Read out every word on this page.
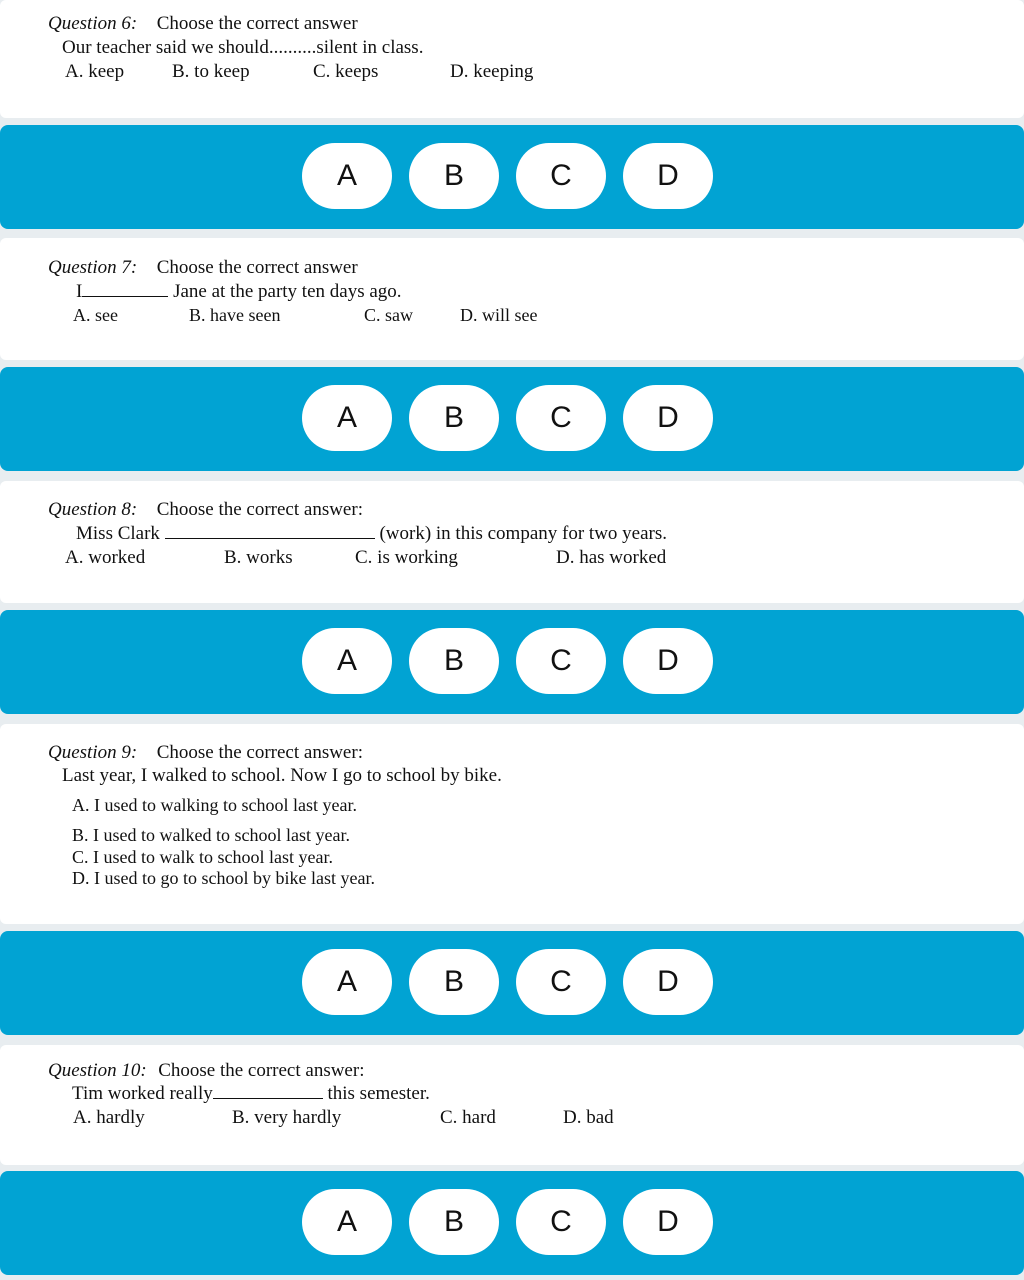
Question 6: Choose the correct answer
Our teacher said we should..........silent in class.
A. keep	B. to keep	C. keeps	D. keeping
A	B	C	D
Question 7: Choose the correct answer
I	Jane at the party ten days ago.
A. see	B. have seen	C. saw	D. will see
A	B	C	D
Question 8: Choose the correct answer:
Miss Clark	(work) in this company for two years.
A. worked	B. works	C. is working	D. has worked
A	B	C	D
Question 9: Choose the correct answer:
Last year, I walked to school. Now I go to school by bike.
A. I used to walking to school last year.
B. I used to walked to school last year.
C. I used to walk to school last year.
D. I used to go to school by bike last year.
A	B	C	D
Question 10: Choose the correct answer:
Tim worked really	this semester.
A. hardly	B. very hardly	C. hard	D. bad
A	B	C	D
